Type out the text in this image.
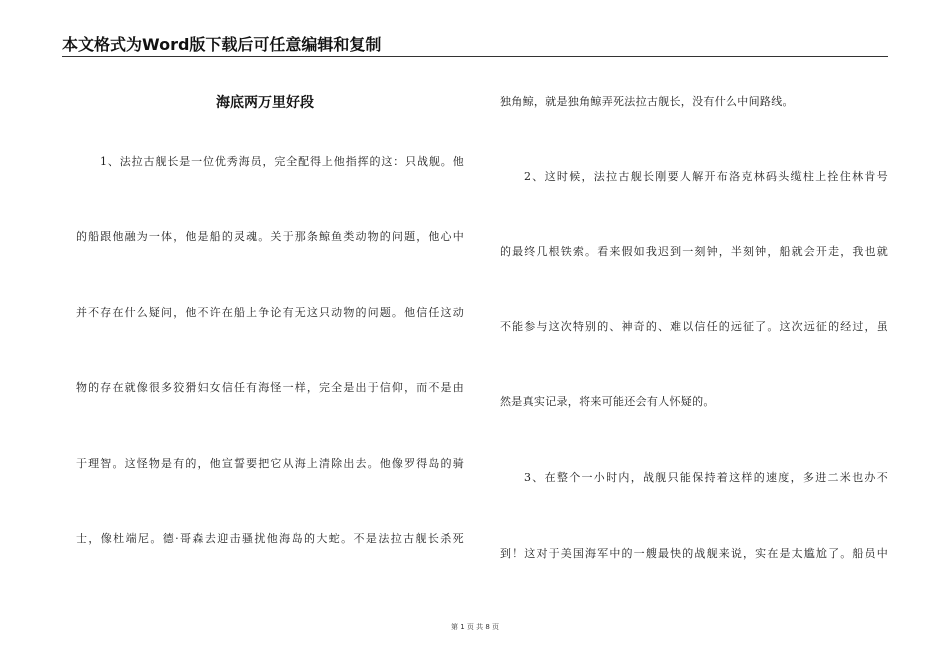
本文格式为Word版下载后可任意编辑和复制
海底两万里好段
1、法拉古舰长是一位优秀海员，完全配得上他指挥的这：只战舰。他
的船跟他融为一体，他是船的灵魂。关于那条鲸鱼类动物的问题，他心中
并不存在什么疑问，他不许在船上争论有无这只动物的问题。他信任这动
物的存在就像很多狡猾妇女信任有海怪一样，完全是出于信仰，而不是由
于理智。这怪物是有的，他宣誓要把它从海上清除出去。他像罗得岛的骑
士，像杜端尼。德·哥森去迎击骚扰他海岛的大蛇。不是法拉古舰长杀死
独角鲸，就是独角鲸弄死法拉古舰长，没有什么中间路线。
2、这时候，法拉古舰长刚要人解开布洛克林码头缆柱上拴住林肯号
的最终几根铁索。看来假如我迟到一刻钟，半刻钟，船就会开走，我也就
不能参与这次特别的、神奇的、难以信任的远征了。这次远征的经过，虽
然是真实记录，将来可能还会有人怀疑的。
3、在整个一小时内，战舰只能保持着这样的速度，多进二米也办不
到！这对于美国海军中的一艘最快的战舰来说，实在是太尴尬了。船员中
第 1 页 共 8 页
